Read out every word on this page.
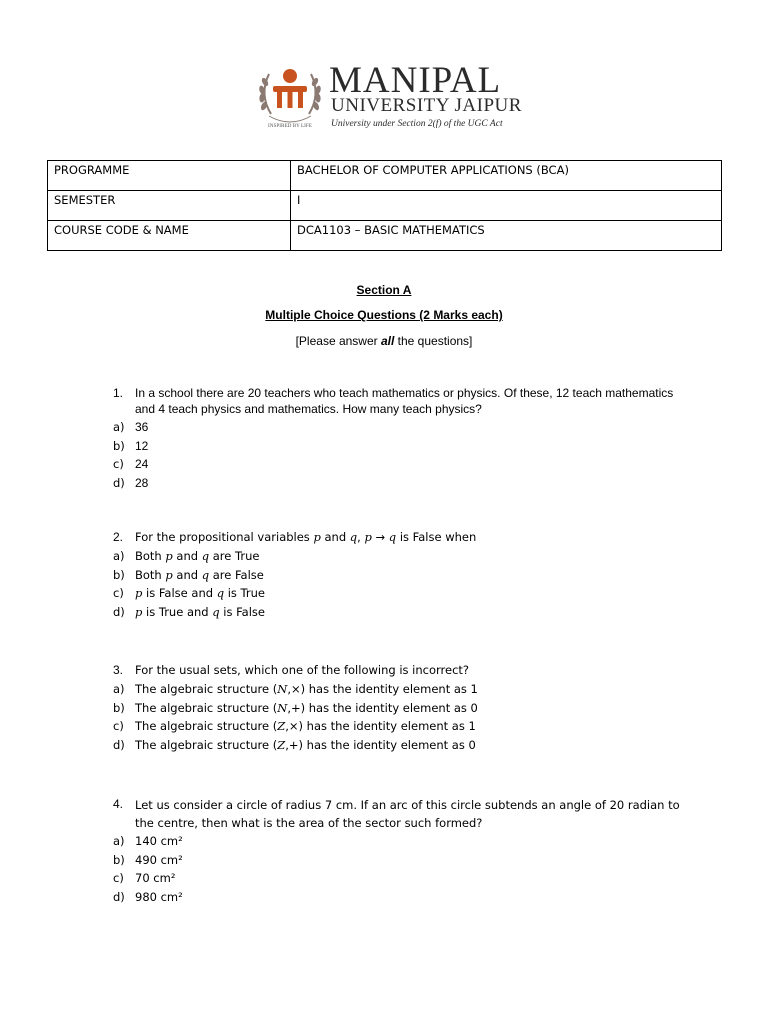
INSPIRED BY LIFE
MANIPAL
UNIVERSITY JAIPUR
University under Section 2(f) of the UGC Act
PROGRAMME	BACHELOR OF COMPUTER APPLICATIONS (BCA)
SEMESTER	I
COURSE CODE & NAME	DCA1103 – BASIC MATHEMATICS
Section A
Multiple Choice Questions (2 Marks each)
[Please answer all the questions]
1. In a school there are 20 teachers who teach mathematics or physics. Of these, 12 teach mathematics and 4 teach physics and mathematics. How many teach physics?
a) 36
b) 12
c) 24
d) 28
2. For the propositional variables p and q, p → q is False when
a) Both p and q are True
b) Both p and q are False
c) p is False and q is True
d) p is True and q is False
3. For the usual sets, which one of the following is incorrect?
a) The algebraic structure (N,×) has the identity element as 1
b) The algebraic structure (N,+) has the identity element as 0
c) The algebraic structure (Z,×) has the identity element as 1
d) The algebraic structure (Z,+) has the identity element as 0
4. Let us consider a circle of radius 7 cm. If an arc of this circle subtends an angle of 20 radian to the centre, then what is the area of the sector such formed?
a) 140 cm²
b) 490 cm²
c) 70 cm²
d) 980 cm²
